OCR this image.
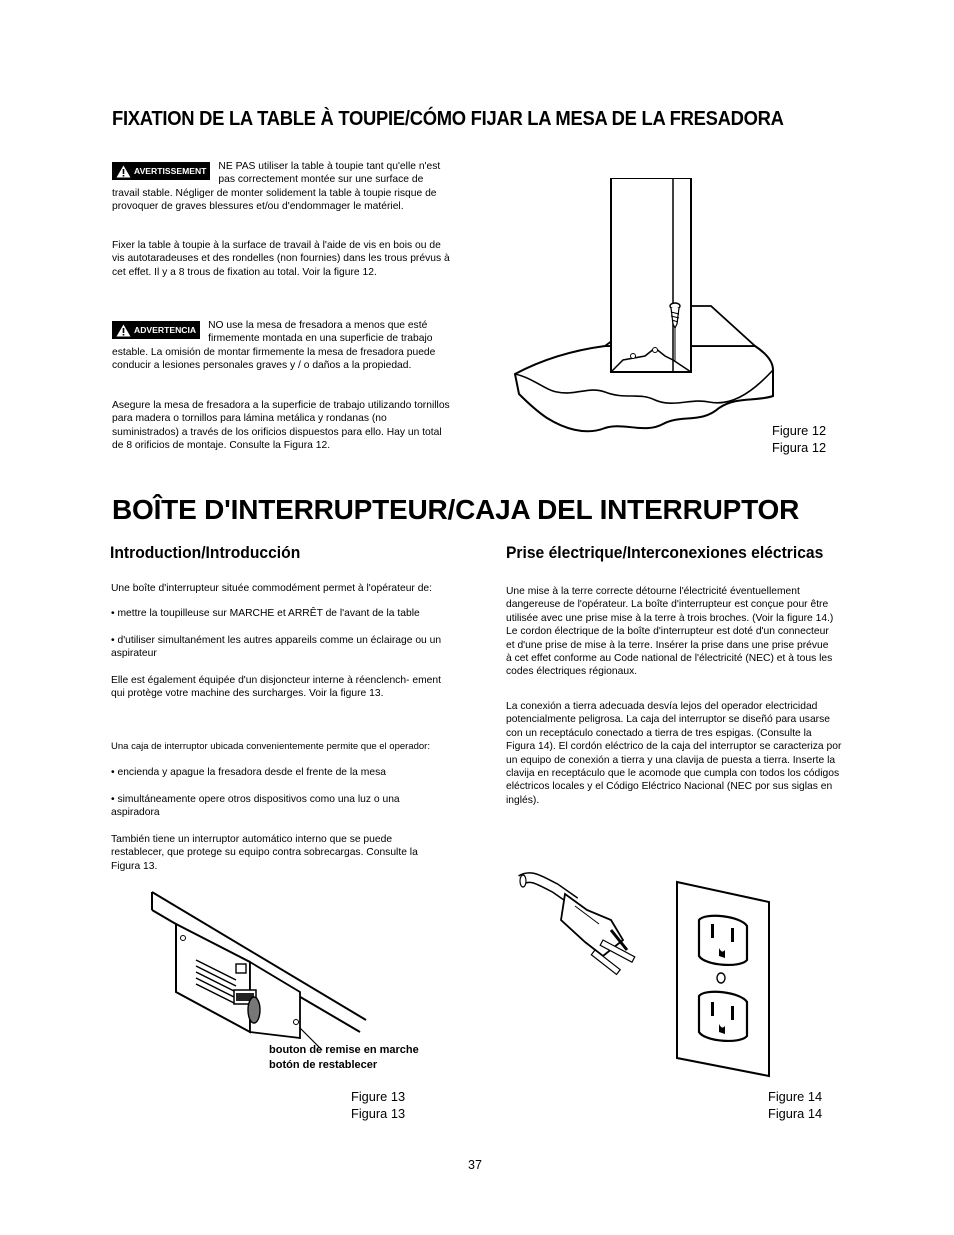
FIXATION DE LA TABLE À TOUPIE/CÓMO FIJAR LA MESA DE LA FRESADORA
AVERTISSEMENT NE PAS utiliser la table à toupie tant qu'elle n'est pas correctement montée sur une surface de travail stable. Négliger de monter solidement la table à toupie risque de provoquer de graves blessures et/ou d'endommager le matériel.
Fixer la table à toupie à la surface de travail à l'aide de vis en bois ou de vis autotaradeuses et des rondelles (non fournies) dans les trous prévus à cet effet. Il y a 8 trous de fixation au total. Voir la figure 12.
ADVERTENCIA NO use la mesa de fresadora a menos que esté firmemente montada en una superficie de trabajo estable. La omisión de montar firmemente la mesa de fresadora puede conducir a lesiones personales graves y / o daños a la propiedad.
Asegure la mesa de fresadora a la superficie de trabajo utilizando tornillos para madera o tornillos para lámina metálica y rondanas (no suministrados) a través de los orificios dispuestos para ello. Hay un total de 8 orificios de montaje. Consulte la Figura 12.
Figure 12
Figura 12
BOÎTE D'INTERRUPTEUR/CAJA DEL INTERRUPTOR
Introduction/Introducción
Une boîte d'interrupteur située commodément permet à l'opérateur de:
• mettre la toupilleuse sur MARCHE et ARRÊT de l'avant de la table
• d'utiliser simultanément les autres appareils comme un éclairage ou un aspirateur
Elle est également équipée d'un disjoncteur interne à réenclench- ement qui protège votre machine des surcharges. Voir la figure 13.
Una caja de interruptor ubicada convenientemente permite que el operador:
• encienda y apague la fresadora desde el frente de la mesa
• simultáneamente opere otros dispositivos como una luz o una aspiradora
También tiene un interruptor automático interno que se puede restablecer, que protege su equipo contra sobrecargas. Consulte la Figura 13.
Prise électrique/Interconexiones eléctricas
Une mise à la terre correcte détourne l'électricité éventuellement dangereuse de l'opérateur. La boîte d'interrupteur est conçue pour être utilisée avec une prise mise à la terre à trois broches. (Voir la figure 14.) Le cordon électrique de la boîte d'interrupteur est doté d'un connecteur et d'une prise de mise à la terre. Insérer la prise dans une prise prévue à cet effet conforme au Code national de l'électricité (NEC) et à tous les codes électriques régionaux.
La conexión a tierra adecuada desvía lejos del operador electricidad potencialmente peligrosa. La caja del interruptor se diseñó para usarse con un receptáculo conectado a tierra de tres espigas. (Consulte la Figura 14). El cordón eléctrico de la caja del interruptor se caracteriza por un equipo de conexión a tierra y una clavija de puesta a tierra. Inserte la clavija en receptáculo que le acomode que cumpla con todos los códigos eléctricos locales y el Código Eléctrico Nacional (NEC por sus siglas en inglés).
bouton de remise en marche
botón de restablecer
Figure 13
Figura 13
Figure 14
Figura 14
37
